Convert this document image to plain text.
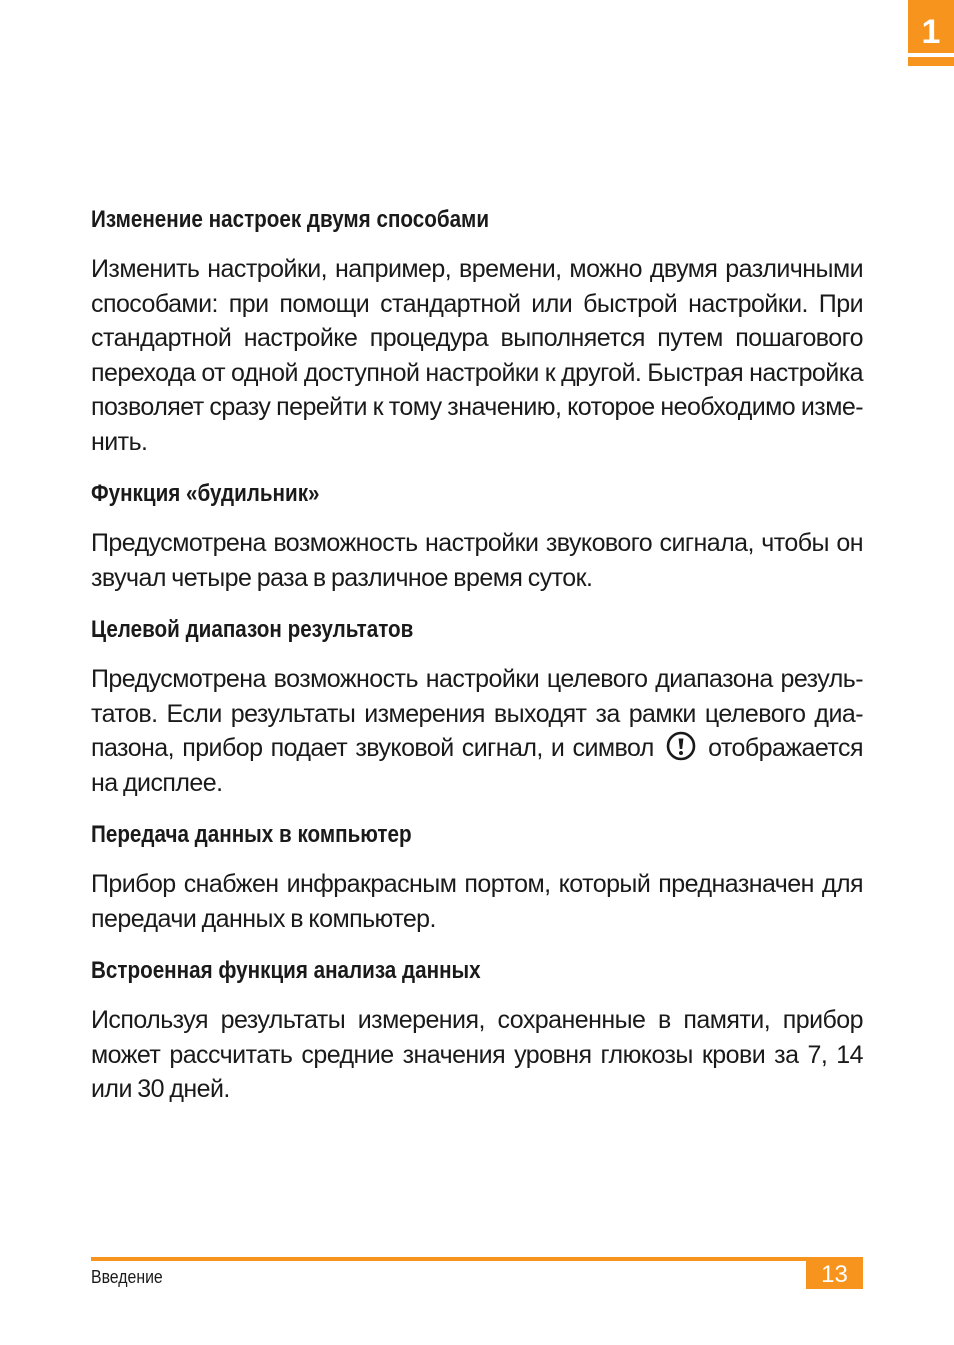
1
Изменение настроек двумя способами

Изменить настройки, например, времени, можно двумя различными способами: при помощи стандартной или быстрой настройки. При стандартной настройке процедура выполняется путем пошагового перехода от одной доступной настройки к другой. Быстрая настройка позволяет сразу перейти к тому значению, которое необходимо изме- нить.

Функция «будильник»

Предусмотрена возможность настройки звукового сигнала, чтобы он звучал четыре раза в различное время суток.

Целевой диапазон результатов

Предусмотрена возможность настройки целевого диапазона резуль- татов. Если результаты измерения выходят за рамки целевого диа- пазона, прибор подает звуковой сигнал, и символ отображается на дисплее.

Передача данных в компьютер

Прибор снабжен инфракрасным портом, который предназначен для передачи данных в компьютер.

Встроенная функция анализа данных

Используя результаты измерения, сохраненные в памяти, прибор может рассчитать средние значения уровня глюкозы крови за 7, 14 или 30 дней.

Введение	13
